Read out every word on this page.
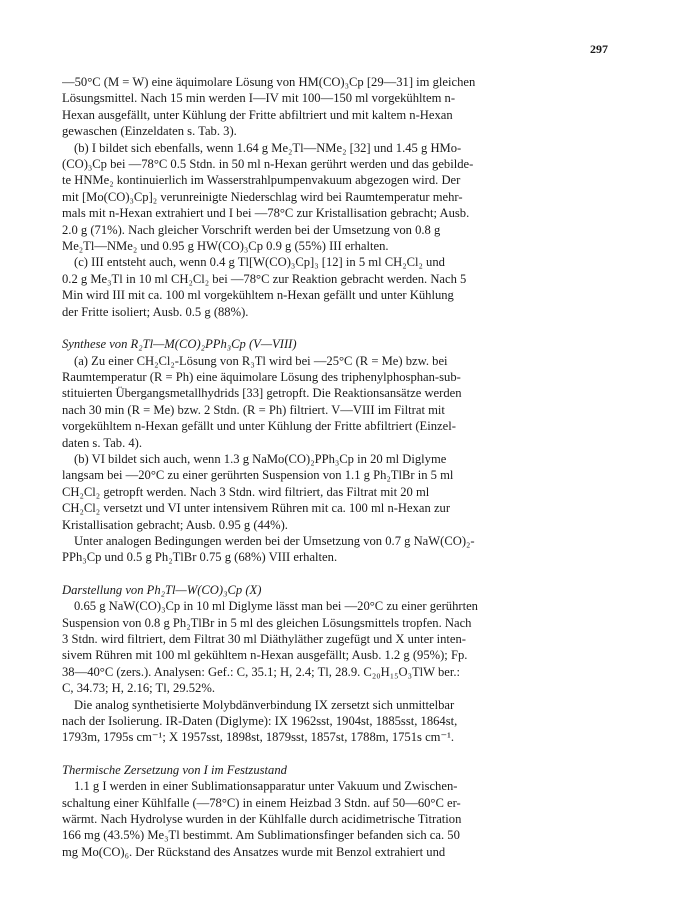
297
—50°C (M = W) eine äquimolare Lösung von HM(CO)₃Cp [29—31] im gleichen
Lösungsmittel. Nach 15 min werden I—IV mit 100—150 ml vorgekühltem n-
Hexan ausgefällt, unter Kühlung der Fritte abfiltriert und mit kaltem n-Hexan
gewaschen (Einzeldaten s. Tab. 3).
(b) I bildet sich ebenfalls, wenn 1.64 g Me₂Tl—NMe₂ [32] und 1.45 g HMo-
(CO)₃Cp bei —78°C 0.5 Stdn. in 50 ml n-Hexan gerührt werden und das gebilde-
te HNMe₂ kontinuierlich im Wasserstrahlpumpenvakuum abgezogen wird. Der
mit [Mo(CO)₃Cp]₂ verunreinigte Niederschlag wird bei Raumtemperatur mehr-
mals mit n-Hexan extrahiert und I bei —78°C zur Kristallisation gebracht; Ausb.
2.0 g (71%). Nach gleicher Vorschrift werden bei der Umsetzung von 0.8 g
Me₂Tl—NMe₂ und 0.95 g HW(CO)₃Cp 0.9 g (55%) III erhalten.
(c) III entsteht auch, wenn 0.4 g Tl[W(CO)₃Cp]₃ [12] in 5 ml CH₂Cl₂ und
0.2 g Me₃Tl in 10 ml CH₂Cl₂ bei —78°C zur Reaktion gebracht werden. Nach 5
Min wird III mit ca. 100 ml vorgekühltem n-Hexan gefällt und unter Kühlung
der Fritte isoliert; Ausb. 0.5 g (88%).
Synthese von R₂Tl—M(CO)₂PPh₃Cp (V—VIII)
(a) Zu einer CH₂Cl₂-Lösung von R₃Tl wird bei —25°C (R = Me) bzw. bei
Raumtemperatur (R = Ph) eine äquimolare Lösung des triphenylphosphan-sub-
stituierten Übergangsmetallhydrids [33] getropft. Die Reaktionsansätze werden
nach 30 min (R = Me) bzw. 2 Stdn. (R = Ph) filtriert. V—VIII im Filtrat mit
vorgekühltem n-Hexan gefällt und unter Kühlung der Fritte abfiltriert (Einzel-
daten s. Tab. 4).
(b) VI bildet sich auch, wenn 1.3 g NaMo(CO)₂PPh₃Cp in 20 ml Diglyme
langsam bei —20°C zu einer gerührten Suspension von 1.1 g Ph₂TlBr in 5 ml
CH₂Cl₂ getropft werden. Nach 3 Stdn. wird filtriert, das Filtrat mit 20 ml
CH₂Cl₂ versetzt und VI unter intensivem Rühren mit ca. 100 ml n-Hexan zur
Kristallisation gebracht; Ausb. 0.95 g (44%).
Unter analogen Bedingungen werden bei der Umsetzung von 0.7 g NaW(CO)₂-
PPh₃Cp und 0.5 g Ph₂TlBr 0.75 g (68%) VIII erhalten.
Darstellung von Ph₂Tl—W(CO)₃Cp (X)
0.65 g NaW(CO)₃Cp in 10 ml Diglyme lässt man bei —20°C zu einer gerührten
Suspension von 0.8 g Ph₂TlBr in 5 ml des gleichen Lösungsmittels tropfen. Nach
3 Stdn. wird filtriert, dem Filtrat 30 ml Diäthyläther zugefügt und X unter inten-
sivem Rühren mit 100 ml gekühltem n-Hexan ausgefällt; Ausb. 1.2 g (95%); Fp.
38—40°C (zers.). Analysen: Gef.: C, 35.1; H, 2.4; Tl, 28.9. C₂₀H₁₅O₃TlW ber.:
C, 34.73; H, 2.16; Tl, 29.52%.
Die analog synthetisierte Molybdänverbindung IX zersetzt sich unmittelbar
nach der Isolierung. IR-Daten (Diglyme): IX 1962sst, 1904st, 1885sst, 1864st,
1793m, 1795s cm⁻¹; X 1957sst, 1898st, 1879sst, 1857st, 1788m, 1751s cm⁻¹.
Thermische Zersetzung von I im Festzustand
1.1 g I werden in einer Sublimationsapparatur unter Vakuum und Zwischen-
schaltung einer Kühlfalle (—78°C) in einem Heizbad 3 Stdn. auf 50—60°C er-
wärmt. Nach Hydrolyse wurden in der Kühlfalle durch acidimetrische Titration
166 mg (43.5%) Me₃Tl bestimmt. Am Sublimationsfinger befanden sich ca. 50
mg Mo(CO)₆. Der Rückstand des Ansatzes wurde mit Benzol extrahiert und
